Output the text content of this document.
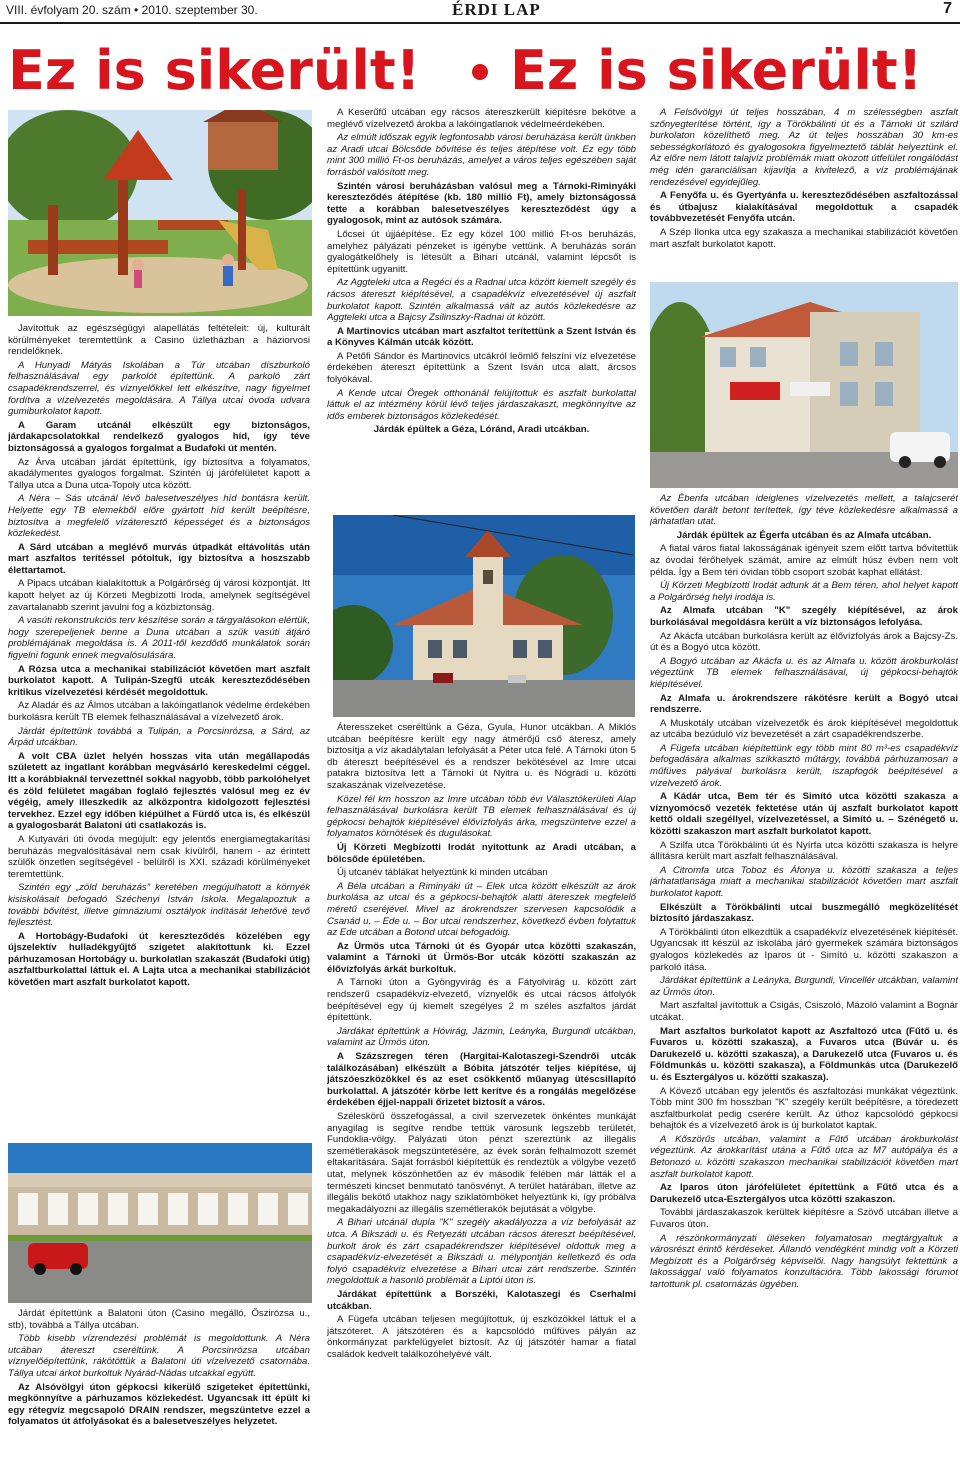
VIII. évfolyam 20. szám • 2010. szeptember 30.	ÉRDI LAP	7
Ez is sikerült! Ez is sikerült!

Javítottuk az egészségügyi alapellátás feltételeit: új, kulturált körülményeket teremtettünk a Casino üzletházban a háziorvosi rendelőknek.

A Hunyadi Mátyás Iskolában a Túr utcában díszburkoló felhasználásával egy parkolót építettünk. A parkoló zárt csapadékrendszerrel, és víznyelőkkel lett elkészítve, nagy figyelmet fordítva a vízelvezetés megoldására. A Tállya utcai óvoda udvara gumiburkolatot kapott.

A Garam utcánál elkészült egy biztonságos, járdakapcsolatokkal rendelkező gyalogos híd, így téve biztonságossá a gyalogos forgalmat a Budafoki út mentén.

Az Árva utcában járdát építettünk, így biztosítva a folyamatos, akadálymentes gyalogos forgalmat. Szintén új járófelületet kapott a Tállya utca a Duna utca-Topoly utca között.

A Néra – Sás utcánál lévő balesetveszélyes híd bontásra került. Helyette egy TB elemekből előre gyártott híd került beépítésre, biztosítva a megfelelő vízáteresztő képességet és a biztonságos közlekedést.

A Sárd utcában a meglévő murvás útpadkát eltávolítás után mart aszfaltos terítéssel pótoltuk, így biztosítva a hoszszabb élettartamot.

A Pipacs utcában kialakítottuk a Polgárőrség új városi központját. Itt kapott helyet az új Körzeti Megbízotti Iroda, amelynek segítségével zavartalanabb szerint javulni fog a közbiztonság.

A vasúti rekonstrukciós terv készítése során a tárgyalásokon elértük, hogy szerepeljenek benne a Duna utcában a szük vasúti átjáró problémájának megoldása is. A 2011-től kezdődő munkálatok során figyelni fogunk ennek megvalósulására.

A Rózsa utca a mechanikai stabilizációt követően mart aszfalt burkolatot kapott. A Tulipán-Szegfű utcák kereszteződésében kritikus vízelvezetési kérdését megoldottuk.

Az Aladár és az Álmos utcában a lakóingatlanok védelme érdekében burkolásra került TB elemek felhasználásával a vízelvezető árok.

Járdát építettünk továbbá a Tulipán, a Porcsinrózsa, a Sárd, az Árpád utcákban.

A volt CBA üzlet helyén hosszas vita után megállapodás született az ingatlant korábban megvásárló kereskedelmi céggel. Itt a korábbiaknál tervezettnél sokkal nagyobb, több parkolóhelyet és zöld felületet magában foglaló fejlesztés valósul meg ez év végéig, amely illeszkedik az alközpontra kidolgozott fejlesztési tervekhez. Ezzel egy időben kiépülhet a Fürdő utca is, és elkészül a gyalogosbarát Balatoni úti csatlakozás is.

A Kutyavári úti óvoda megújult: egy jelentős energiamegtakarítási beruházás megvalósításával nem csak kívülről, hanem - az érintett szülők önzetlen segítségével - belülről is XXI. századi körülményeket teremtettünk.

Szintén egy „zöld beruházás” keretében megújulhatott a környék kisiskolásait befogadó Széchenyi István Iskola. Megalapoztuk a további bővítést, illetve gimnáziumi osztályok indítását lehetővé tevő fejlesztést.

A Hortobágy-Budafoki út kereszteződés közelében egy újszelektív hulladékgyűjtő szigetet alakítottunk ki. Ezzel párhuzamosan Hortobágy u. burkolatlan szakaszát (Budafoki útig) aszfaltburkolattal láttuk el. A Lajta utca a mechanikai stabilizációt követően mart aszfalt burkolatot kapott.

Járdát építettünk a Balatoni úton (Casino megálló, Őszirózsa u., stb), továbbá a Tállya utcában.

Több kisebb vízrendezési problémát is megoldottunk. A Néra utcában átereszt cseréltünk. A Porcsinrózsa utcában víznyelőépítettünk, rákötöttük a Balatoni úti vízelvezető csatornába. Tállya utcai árkot burkoltuk Nyárád-Nádas utcakkal együtt.

Az Alsóvölgyi úton gépkocsi kikerülő szigeteket építettünki, megkönnyítve a párhuzamos közlekedést. Ugyancsak itt épült ki egy rétegvíz megcsapoló DRAIN rendszer, megszüntetve ezzel a folyamatos út átfolyásokat és a balesetveszélyes helyzetet.

A Keserűfű utcában egy rácsos átereszkerült kiépítésre bekötve a meglévő vízelvezető árokba a lakóingatlanok védelmeérdekében.

Az elmúlt időszak egyik legfontosabb városi beruházása került ünkben az Aradi utcai Bölcsőde bővítése és teljes átépítése volt. Ez egy több mint 300 millió Ft-os beruházás, amelyet a város teljes egészében saját forrásból valósított meg.

Szintén városi beruházásban valósul meg a Tárnoki-Riminyáki kereszteződés átépítése (kb. 180 millió Ft), amely biztonságossá tette a korábban balesetveszélyes kereszteződést úgy a gyalogosok, mint az autósok számára.

Lőcsei út újjáépítése. Ez egy közel 100 millió Ft-os beruházás, amelyhez pályázati pénzeket is igénybe vettünk. A beruházás során gyalogátkelőhely is létesült a Bihari utcánál, valamint lépcsőt is építettünk ugyanitt.

Az Aggteleki utca a Regéci és a Radnai utca között kiemelt szegély és rácsos átereszt kiépítésével, a csapadékvíz elvezetésével új aszfalt burkolatot kapott. Szintén alkalmassá vált az autós közlekedésre az Aggteleki utca a Bajcsy Zsilinszky-Radnai út között.

A Martinovics utcában mart aszfaltot terítettünk a Szent István és a Könyves Kálmán utcák között.

A Petőfi Sándor és Martinovics utcákról leömlő felszíni víz elvezetése érdekében átereszt építettünk a Szent Isván utca alatt, árcsos folyókával.

A Kende utcai Öregek otthonánál felújítottuk és aszfalt burkolattal láttuk el az intézmény körül lévő teljes járdaszakaszt, megkönnyítve az idős emberek biztonságos közlekedését.

Járdák épültek a Géza, Lóránd, Aradi utcákban.

Áteresszeket cseréltünk a Géza, Gyula, Hunor utcákban. A Miklós utcában beépítésre került egy nagy átmérőjű cső áteresz, amely biztosítja a víz akadálytalan lefolyását a Péter utca felé. A Tárnoki úton 5 db átereszt beépítésével és a rendszer bekötésével az Imre utcai patakra biztosítva lett a Tárnoki út Nyitra u. és Nógrádi u. közötti szakaszának vízelvezetése.

Közel fél km hosszon az Imre utcában több évi Választókerületi Alap felhasználásával burkolásra került TB elemek felhasználásával és új gépkocsi behajtók kiépítésével élővízfolyás árka, megszüntetve ezzel a folyamatos körnötések és dugulásokat.

Új Körzeti Megbízotti Irodát nyitottunk az Aradi utcában, a bölcsőde épületében.

Új utcanév táblákat helyeztünk ki minden utcában

A Béla utcában a Riminyáki út – Elek utca között elkészült az árok burkolása az utcaí és a gépkocsi-behajtók alatti átereszek megfelelő méretű cseréjével. Mivel az árokrendszer szervesen kapcsolódik a Csanád u. – Ede u. – Bor utcai rendszerhez, következő évben folytattuk az Ede utcában a Botond utcai befogadóig.

Az Ürmös utca Tárnoki út és Gyopár utca közötti szakaszán, valamint a Tárnoki út Ürmös-Bor utcák közötti szakaszán az élővízfolyás árkát burkoltuk.

A Tárnoki úton a Gyöngyvirág és a Fátyolvirág u. között zárt rendszerű csapadékvíz-elvezető, víznyelők és utcai rácsos átfolyók beépítésével egy új kiemelt szegélyes 2 m széles aszfaltos járdát építettünk.

Járdákat építettünk a Hóvirág, Jázmin, Leányka, Burgundi utcákban, valamint az Ürmös úton.

A Százszregen téren (Hargitai-Kalotaszegi-Szendrői utcák találkozásában) elkészült a Bóbita játszótér teljes kiépítése, új játszóeszközökkel és az eset csökkentő műanyag ütéscsillapító burkolattal. A játszótér körbe lett kerítve és a rongálás megelőzése érdekében éjjel-nappali őrizetet biztosít a város.

Széleskörű összefogással, a civil szervezetek önkéntes munkáját anyagilag is segítve rendbe tettük városunk legszebb területét, Fundoklia-völgy. Pályázati úton pénzt szereztünk az illegális szemétlerakások megszüntetésére, az évek során felhalmozott szemét eltakarítására. Saját forrásból kiépítettük és rendeztük a völgybe vezető utat, melynek köszönhetően az év második felében már látták el a természeti kincset benmutató tanösvényt. A terület határában, illetve az illegális bekötő utakhoz nagy sziklatömböket helyeztünk ki, így próbálva megakadályozni az illegális szemétlerakók bejutását a völgybe.

A Bihari utcánál dupla "K" szegély akadályozza a víz befolyását az utca. A Bikszádi u. és Retyezáti utcában rácsos átereszt beépítésével, burkolt árok és zárt csapadékrendszer kiépítésével oldottuk meg a csapadékvíz-elvezetését a Bikszádi u. mélypontján kelletkező és oda folyó csapadékvíz elvezetése a Bihari utcai zárt rendszerbe. Szintén megoldottuk a hasonló problémát a Liptói úton is.

Járdákat építettünk a Borszéki, Kalotaszegi és Cserhalmi utcákban.

A Fügefa utcában teljesen megújítottuk, új eszközökkel láttuk el a játszóteret. A játszótéren és a kapcsolódó műfüves pályán az önkormányzat parkfelügyelet biztosít. Az új játszótér hamar a fiatal családok kedvelt találkozóhelyévé vált.

A Felsővölgyi út teljes hosszában, 4 m szélességben aszfalt szőnyegterítése történt, így a Törökbálinti út és a Tárnoki út szilárd burkolaton közelíthető meg. Az út teljes hosszában 30 km-es sebességkorlátozó és gyalogosokra figyelmeztető táblát helyeztünk el. Az előre nem látott talajvíz problémák miatt okozott útfelület rongálódást még idén garanciálisan kijavítja a kivitelező, a víz problémájának rendezésével egyidejűleg.

A Fenyőfa u. és Gyertyánfa u. kereszteződésében aszfaltozással és útbajusz kialakításával megoldottuk a csapadék továbbvezetését Fenyőfa utcán.

A Szép Ilonka utca egy szakasza a mechanikai stabilizációt követően mart aszfalt burkolatot kapott.

Az Ébenfa utcában ideiglenes vízelvezetés mellett, a talajcserét követően darált betont terítettek, így téve közlekedésre alkalmassá a járhatatlan utat.

Járdák épültek az Égerfa utcában és az Almafa utcában.

A fiatal város fiatal lakosságának igényeit szem előtt tartva bővítettük az óvodai férőhelyek számát, amire az elmúlt húsz évben nem volt példa. Így a Bem téri óvidan több csoport szobát kaphat ellátást.

Új Körzeti Megbízotti Irodát adtunk át a Bem téren, ahol helyet kapott a Polgárőrség helyi irodája is.

Az Almafa utcában "K" szegély kiépítésével, az árok burkolásával megoldásra került a víz biztonságos lefolyása.

Az Akácfa utcában burkolásra került az élővízfolyás árok a Bajcsy-Zs. út és a Bogyó utca között.

A Bogyó utcában az Akácfa u. és az Almafa u. között árokburkolást végeztünk TB elemek felhasználásával, új gépkocsi-behajtók kiépítésével.

Az Almafa u. árokrendszere rákötésre került a Bogyó utcai rendszerre.

A Muskotály utcában vízelvezetők és árok kiépítésével megoldottuk az utcába bezúduló víz bevezetését a zárt csapadékrendszerbe.

A Fügefa utcában kiépítettünk egy több mint 80 m³-es csapadékvíz befogadására alkalmas szikkasztó műtárgy, továbbá párhuzamosan a műfüves pályával burkolásra került, iszapfogók beépítésével a vízelvezető árok.

A Kádár utca, Bem tér és Simító utca közötti szakasza a víznyomócső vezeték fektetése után új aszfalt burkolatot kapott kettő oldali szegéllyel, vízelvezetéssel, a Simító u. – Szénégető u. közötti szakaszon mart aszfalt burkolatot kapott.

A Szilfa utca Törökbálinti út és Nyírfa utca közötti szakasza is helyre állításra került mart aszfalt felhasználásával.

A Citromfa utca Toboz és Áfonya u. közötti szakasza a teljes járhatatlansága miatt a mechanikai stabilizációt követően mart aszfalt burkolatot kapott.

Elkészült a Törökbálinti utcai buszmegálló megközelítését biztosító járdaszakasz.

A Törökbálinti úton elkezdtük a csapadékvíz elvezetésének kiépítését. Ugyancsak itt készül az iskolába járó gyermekek számára biztonságos gyalogos közlekedés az Iparos út - Simító u. közötti szakaszon a parkoló itása.

Járdákat építettünk a Leányka, Burgundi, Vincellér utcákban, valamint az Ürmös úton.

Mart aszfaltal javítottuk a Csigás, Csiszoló, Mázoló valamint a Bognár utcákat.

Mart aszfaltos burkolatot kapott az Aszfaltozó utca (Fűtő u. és Fuvaros u. közötti szakasza), a Fuvaros utca (Búvár u. és Darukezelő u. közötti szakasza), a Darukezelő utca (Fuvaros u. és Földmunkás u. közötti szakasza), a Földmunkás utca (Darukezelő u. és Esztergályos u. közötti szakasza).

A Kövező utcában egy jelentős és aszfaltozási munkákat végeztünk. Több mint 300 fm hosszban "K" szegély került beépítésre, a töredezett aszfaltburkolat pedig cserére került. Az úthoz kapcsolódó gépkocsi behajtók és a vízelvezető árok is új burkolatot kaptak.

A Kőszörűs utcában, valamint a Fűtő utcában árokburkolást végeztünk. Az árokkarítást utána a Fűtő utca az M7 autópálya és a Betonozó u. közötti szakaszon mechanikai stabilizációt követően mart aszfalt burkolatot kapott.

Az Iparos úton járófelületet építettünk a Fűtő utca és a Darukezelő utca-Esztergályos utca közötti szakaszon.

További járdaszakaszok kerültek kiépítésre a Szövő utcában illetve a Fuvaros úton.

A részönkormányzati üléseken folyamatosan megtárgyaltuk a városrészt érintő kérdéseket. Állandó vendégként mindig volt a Körzeti Megbízott és a Polgárőrség képviselői. Nagy hangsúlyt fektettünk a lakossággal való folyamatos konzultációra. Több lakossági fórumot tartottunk pl. csatornázás ügyében.
